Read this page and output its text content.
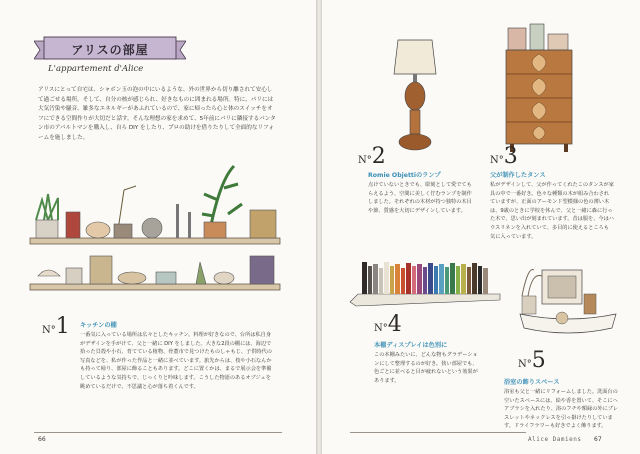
アリスの部屋
L'appartement d'Alice
アリスにとって自宅は、シャボン玉の泡の中にいるような、外の世界から切り離されて安心して過ごせる場所。そして、自分の核が感じられ、好きなものに囲まれる場所。特に、パリには大気汚染や騒音、雑多なエネルギーがあふれているので、家に帰ったら心と体のスイッチをオフにできる空間作りが大切だと話す。そんな理想の家を求めて、5年前にパリに隣接するパンタン市のアパルトマンを購入し、自ら DIY をしたり、プロの助けを借りたりして全面的なリフォームを施しました。
N°1 キッチンの棚
一番気に入っている場所は広々としたキッチン。料理が好きなので、台所は私自身がデザインを手がけて、父と一緒に DIY をしました。大きな2段の棚には、海辺で拾った貝殻や小石、育てている植物、骨董市で見つけたものしゃもじ、子供時代の写真などを、私が作った作品と一緒に並べています。旅先からは、枝や小石なんかも持って帰り、部屋に飾ることもあります。どこに置くかは、まるで展示会を準備しているような気持ちで、じっくりと吟味します。こうした物語のあるオブジェを眺めているだけで、不思議と心が落ち着くんです。
66
N°2
Romie Objettiのランプ
点けていないときでも、彫刻として愛でてもらえるよう、空間に美しく佇むランプを制作しました。それぞれの木材が持つ独特の木目や節、質感を大切にデザインしています。
N°3
父が制作したタンス
私がデザインして、父が作ってくれたこのタンスが家具の中で一番好き。色々な種類の木が組み合わされていますが、正面のアーモンド型模様の色の薄い木は、9歳のときに学校を休んで、父と一緒に森に行った木で、思い出が刻まれています。昔は服を、今はハウスリネンを入れていて、多目的に使えるところも気に入っています。
N°4
本棚ディスプレイは色別に
この本棚みたいに、どんな物もグラデーションにして整理するのが好き。狭い部屋でも、色ごとに並べると目が疲れないという効果があります。
N°5
浴室の飾りスペース
浴室も父と一緒にリフォームしました。洗面台の空いたスペースには、絵や香を置いて、そこにヘアブラシを入れたり、浴のフチや額縁の外にブレスレットやネックレスを引っ掛けたりしています。ドライフラワーも好きでよく飾ります。
Alice Damiens 67
